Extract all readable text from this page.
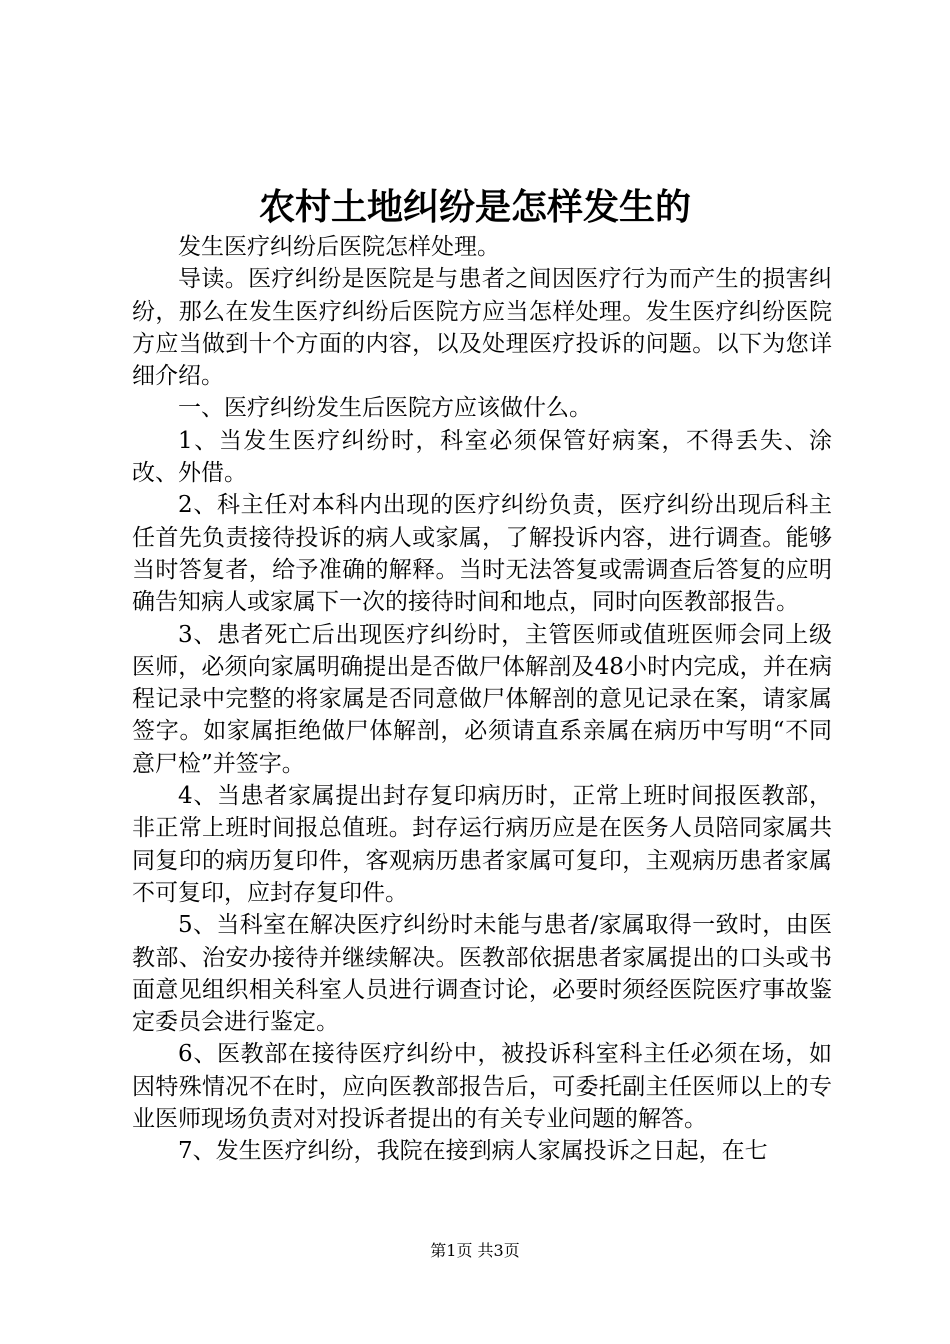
农村土地纠纷是怎样发生的

发生医疗纠纷后医院怎样处理。

导读。医疗纠纷是医院是与患者之间因医疗行为而产生的损害纠纷，那么在发生医疗纠纷后医院方应当怎样处理。发生医疗纠纷医院方应当做到十个方面的内容，以及处理医疗投诉的问题。以下为您详细介绍。

一、医疗纠纷发生后医院方应该做什么。

1、当发生医疗纠纷时，科室必须保管好病案，不得丢失、涂改、外借。

2、科主任对本科内出现的医疗纠纷负责，医疗纠纷出现后科主任首先负责接待投诉的病人或家属，了解投诉内容，进行调查。能够当时答复者，给予准确的解释。当时无法答复或需调查后答复的应明确告知病人或家属下一次的接待时间和地点，同时向医教部报告。

3、患者死亡后出现医疗纠纷时，主管医师或值班医师会同上级医师，必须向家属明确提出是否做尸体解剖及48小时内完成，并在病程记录中完整的将家属是否同意做尸体解剖的意见记录在案，请家属签字。如家属拒绝做尸体解剖，必须请直系亲属在病历中写明“不同意尸检”并签字。

4、当患者家属提出封存复印病历时，正常上班时间报医教部，非正常上班时间报总值班。封存运行病历应是在医务人员陪同家属共同复印的病历复印件，客观病历患者家属可复印，主观病历患者家属不可复印，应封存复印件。

5、当科室在解决医疗纠纷时未能与患者/家属取得一致时，由医教部、治安办接待并继续解决。医教部依据患者家属提出的口头或书面意见组织相关科室人员进行调查讨论，必要时须经医院医疗事故鉴定委员会进行鉴定。

6、医教部在接待医疗纠纷中，被投诉科室科主任必须在场，如因特殊情况不在时，应向医教部报告后，可委托副主任医师以上的专业医师现场负责对对投诉者提出的有关专业问题的解答。

7、发生医疗纠纷，我院在接到病人家属投诉之日起，在七

第1页 共3页
